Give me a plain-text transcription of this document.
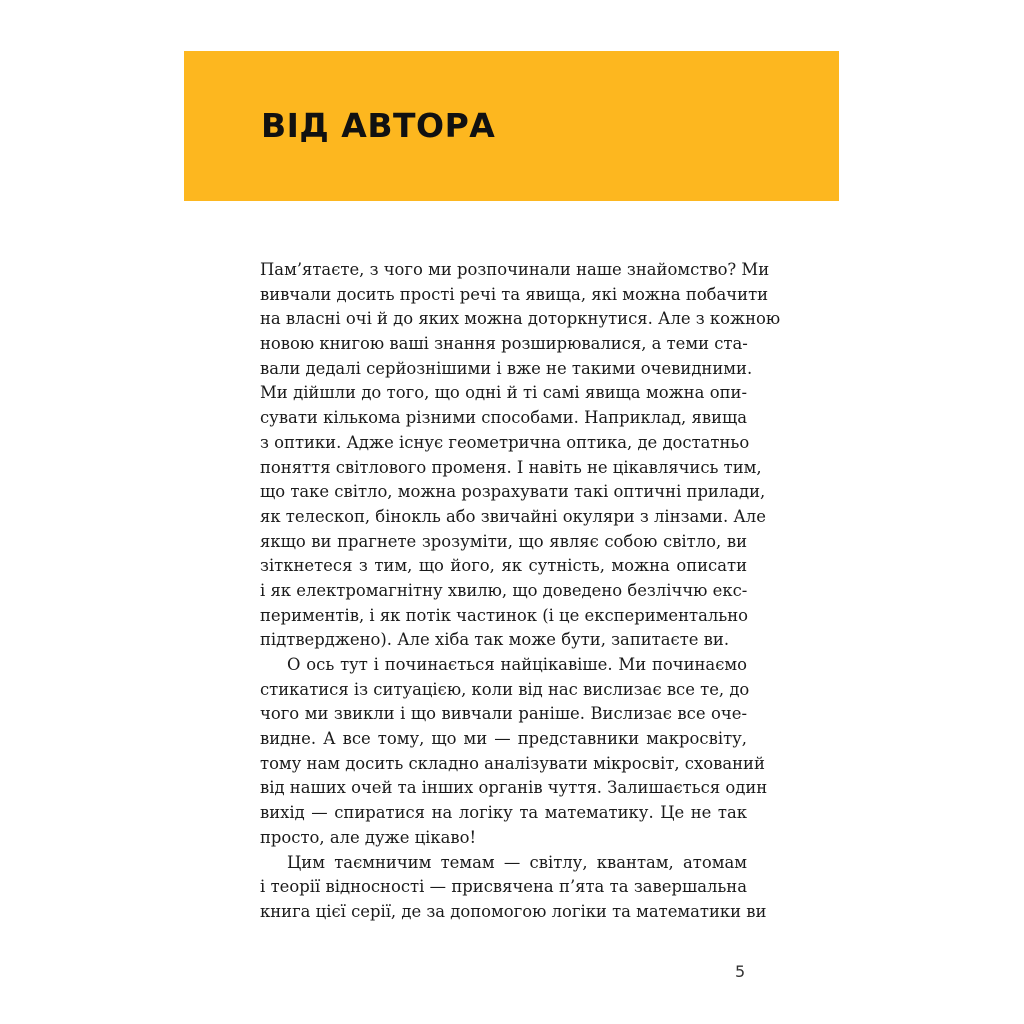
ВІД АВТОРА
Пам’ятаєте, з чого ми розпочинали наше знайомство? Ми
вивчали досить прості речі та явища, які можна побачити
на власні очі й до яких можна доторкнутися. Але з кожною
новою книгою ваші знання розширювалися, а теми ста-
вали дедалі серйознішими і вже не такими очевидними.
Ми дійшли до того, що одні й ті самі явища можна опи-
сувати кількома різними способами. Наприклад, явища
з оптики. Адже існує геометрична оптика, де достатньо
поняття світлового променя. І навіть не цікавлячись тим,
що таке світло, можна розрахувати такі оптичні прилади,
як телескоп, бінокль або звичайні окуляри з лінзами. Але
якщо ви прагнете зрозуміти, що являє собою світло, ви
зіткнетеся з тим, що його, як сутність, можна описати
і як електромагнітну хвилю, що доведено безліччю екс-
периментів, і як потік частинок (і це експериментально
підтверджено). Але хіба так може бути, запитаєте ви.
О ось тут і починається найцікавіше. Ми починаємо
стикатися із ситуацією, коли від нас вислизає все те, до
чого ми звикли і що вивчали раніше. Вислизає все оче-
видне. А все тому, що ми — представники макросвіту,
тому нам досить складно аналізувати мікросвіт, схований
від наших очей та інших органів чуття. Залишається один
вихід — спиратися на логіку та математику. Це не так
просто, але дуже цікаво!
Цим таємничим темам — світлу, квантам, атомам
і теорії відносності — присвячена п’ята та завершальна
книга цієї серії, де за допомогою логіки та математики ви
5
